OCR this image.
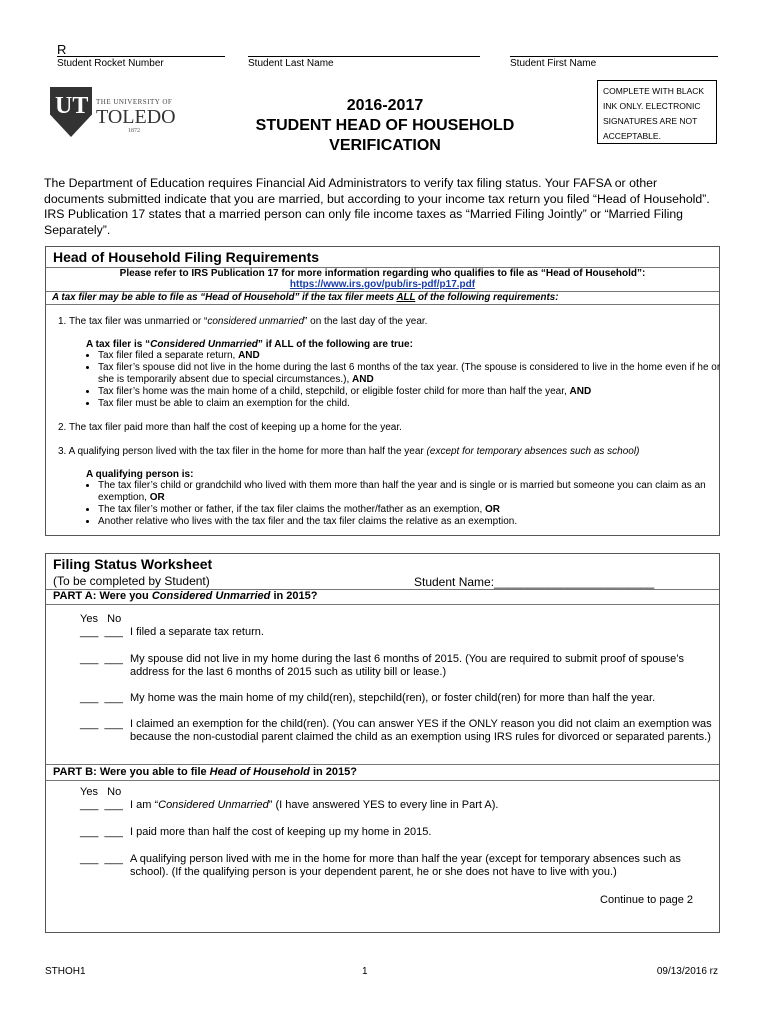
R
Student Rocket Number	Student Last Name	Student First Name
UT THE UNIVERSITY OF
TOLEDO
1872
2016-2017
STUDENT HEAD OF HOUSEHOLD
VERIFICATION
COMPLETE WITH BLACK INK ONLY. ELECTRONIC SIGNATURES ARE NOT ACCEPTABLE.
The Department of Education requires Financial Aid Administrators to verify tax filing status. Your FAFSA or other documents submitted indicate that you are married, but according to your income tax return you filed “Head of Household”. IRS Publication 17 states that a married person can only file income taxes as “Married Filing Jointly” or “Married Filing Separately”.
Head of Household Filing Requirements
Please refer to IRS Publication 17 for more information regarding who qualifies to file as “Head of Household”:
https://www.irs.gov/pub/irs-pdf/p17.pdf
A tax filer may be able to file as “Head of Household” if the tax filer meets ALL of the following requirements:
1. The tax filer was unmarried or “considered unmarried” on the last day of the year.
A tax filer is “Considered Unmarried” if ALL of the following are true:
• Tax filer filed a separate return, AND
• Tax filer’s spouse did not live in the home during the last 6 months of the tax year. (The spouse is considered to live in the home even if he or she is temporarily absent due to special circumstances.), AND
• Tax filer’s home was the main home of a child, stepchild, or eligible foster child for more than half the year, AND
• Tax filer must be able to claim an exemption for the child.
2. The tax filer paid more than half the cost of keeping up a home for the year.
3. A qualifying person lived with the tax filer in the home for more than half the year (except for temporary absences such as school)
A qualifying person is:
• The tax filer’s child or grandchild who lived with them more than half the year and is single or is married but someone you can claim as an exemption, OR
• The tax filer’s mother or father, if the tax filer claims the mother/father as an exemption, OR
• Another relative who lives with the tax filer and the tax filer claims the relative as an exemption.
Filing Status Worksheet
(To be completed by Student)	Student Name:________________________
PART A: Were you Considered Unmarried in 2015?
Yes No
___  ___ I filed a separate tax return.
___  ___ My spouse did not live in my home during the last 6 months of 2015. (You are required to submit proof of spouse’s address for the last 6 months of 2015 such as utility bill or lease.)
___  ___ My home was the main home of my child(ren), stepchild(ren), or foster child(ren) for more than half the year.
___  ___ I claimed an exemption for the child(ren). (You can answer YES if the ONLY reason you did not claim an exemption was because the non-custodial parent claimed the child as an exemption using IRS rules for divorced or separated parents.)
PART B: Were you able to file Head of Household in 2015?
Yes No
___  ___ I am “Considered Unmarried” (I have answered YES to every line in Part A).
___  ___ I paid more than half the cost of keeping up my home in 2015.
___  ___ A qualifying person lived with me in the home for more than half the year (except for temporary absences such as school). (If the qualifying person is your dependent parent, he or she does not have to live with you.)
Continue to page 2
STHOH1	1	09/13/2016 rz
